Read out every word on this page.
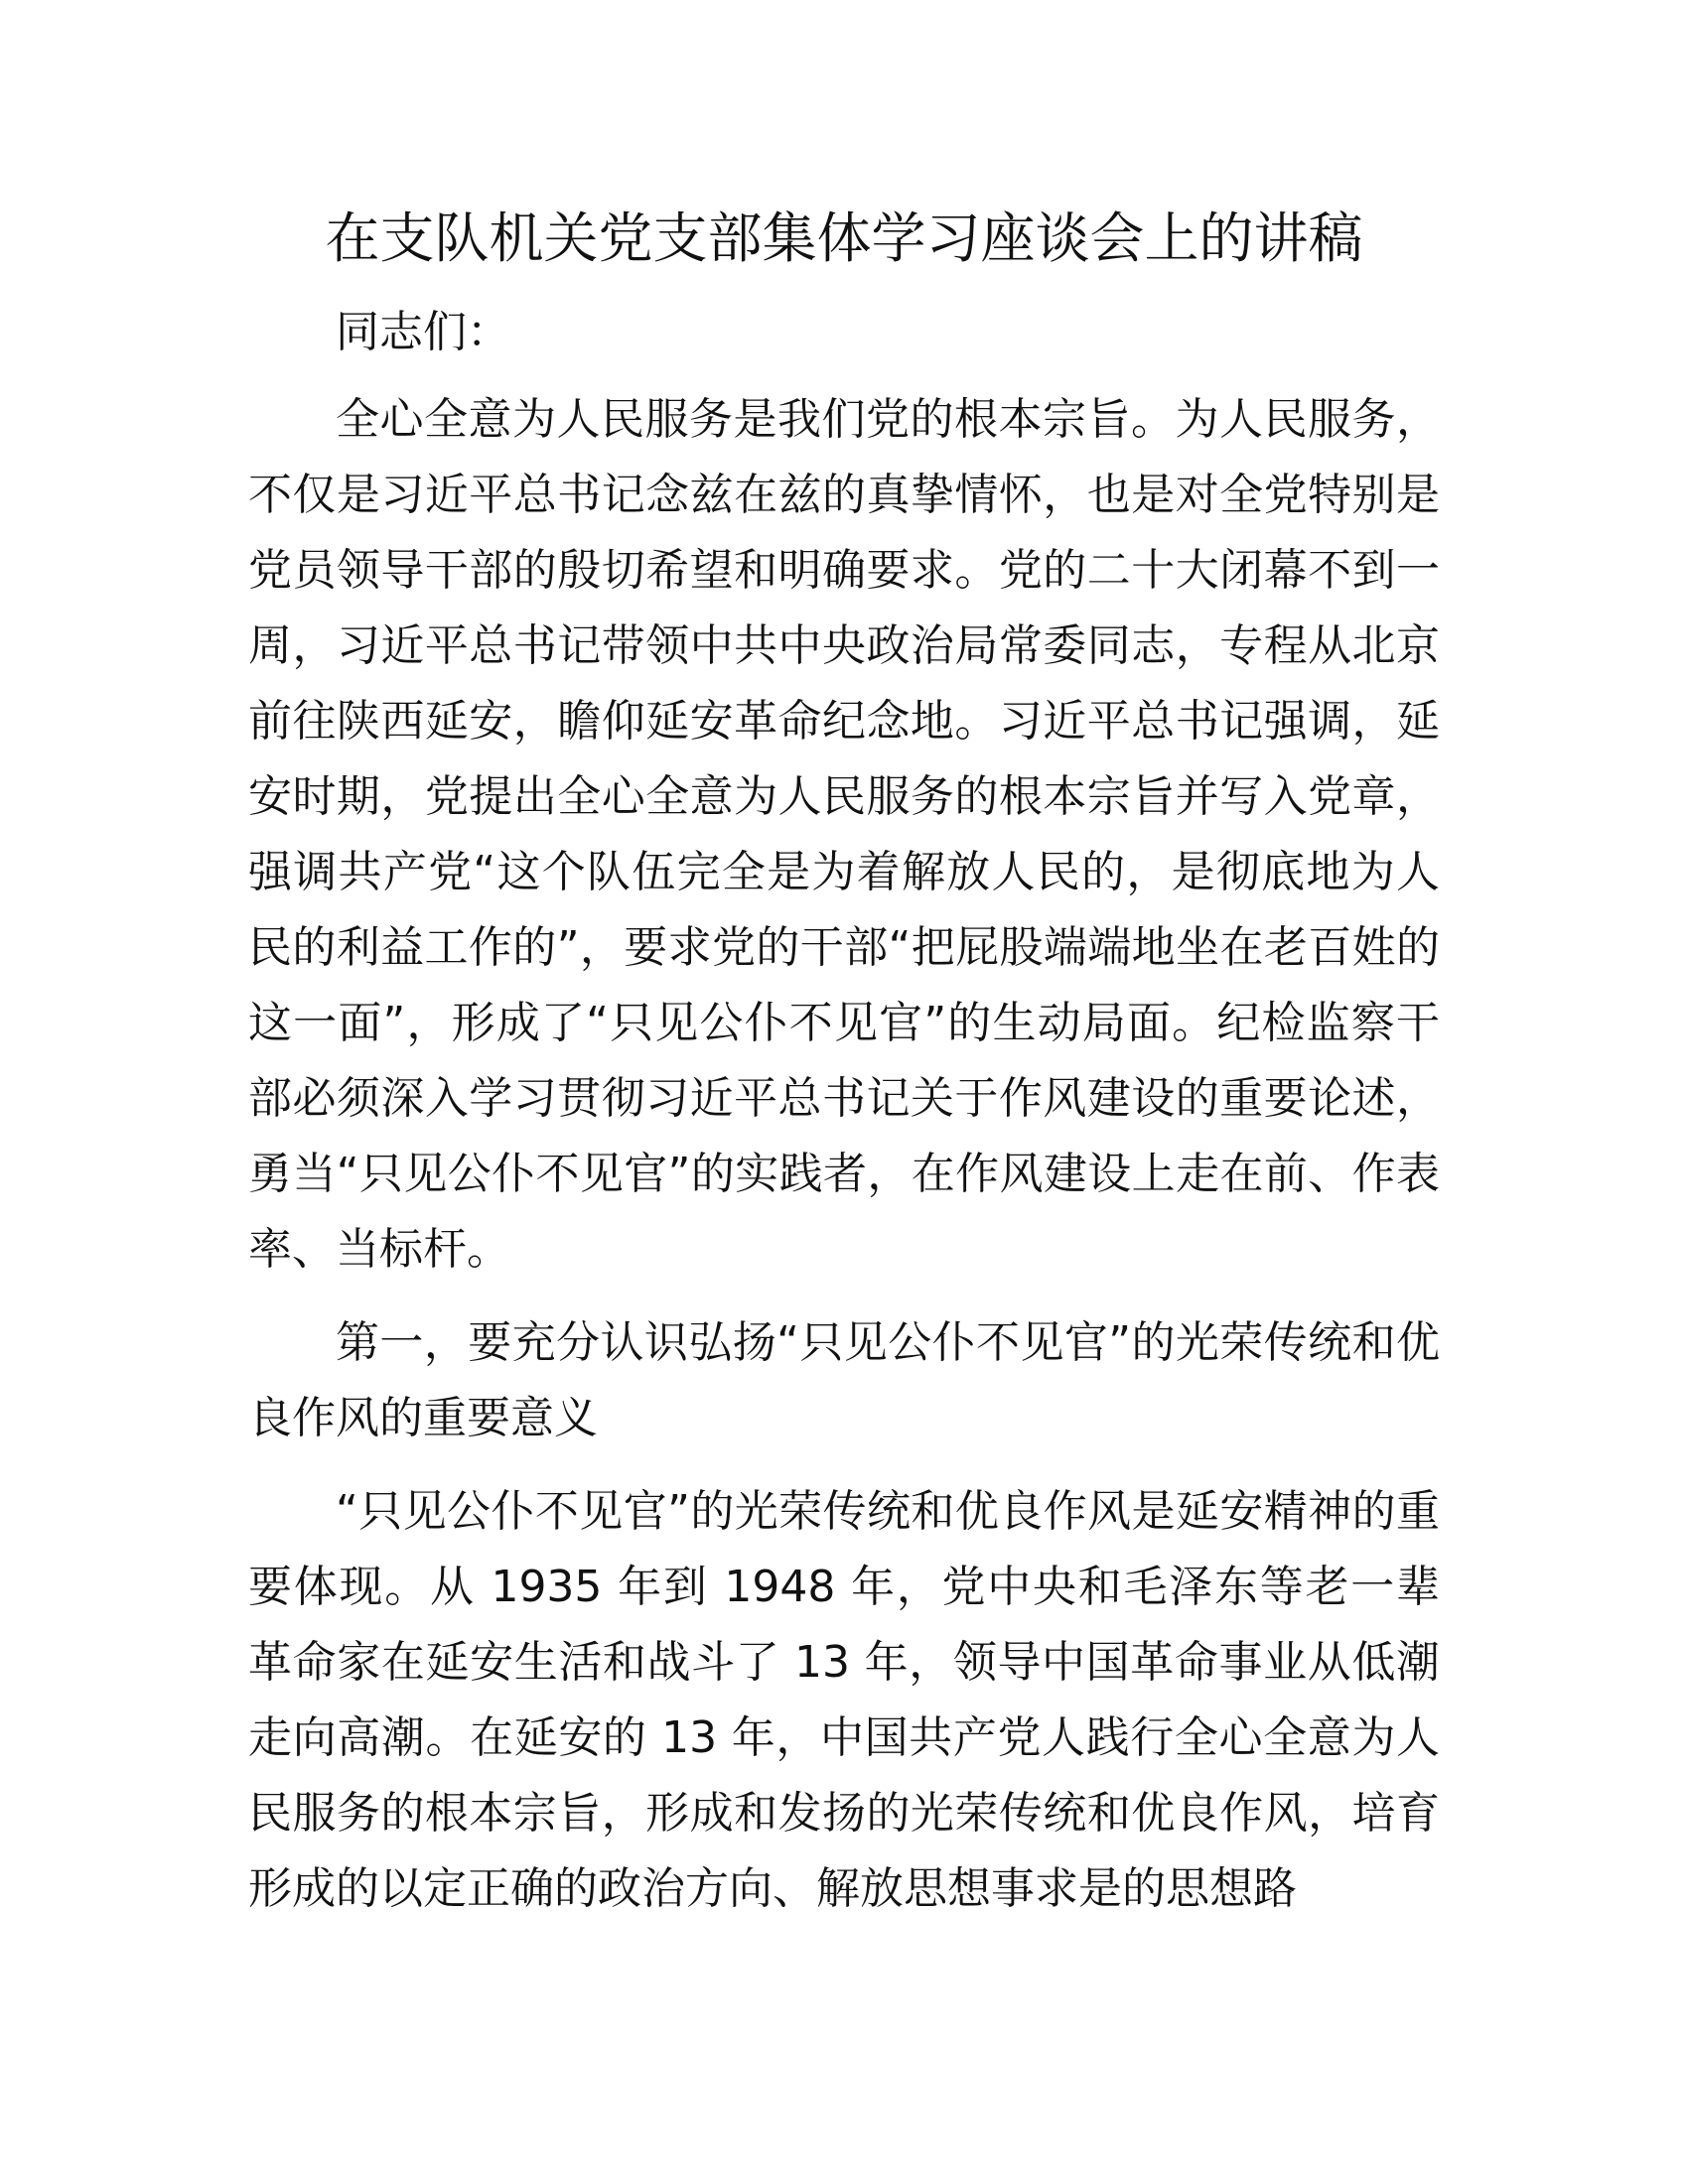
在支队机关党支部集体学习座谈会上的讲稿

同志们：

全心全意为人民服务是我们党的根本宗旨。为人民服务，不仅是习近平总书记念兹在兹的真挚情怀，也是对全党特别是党员领导干部的殷切希望和明确要求。党的二十大闭幕不到一周，习近平总书记带领中共中央政治局常委同志，专程从北京前往陕西延安，瞻仰延安革命纪念地。习近平总书记强调，延安时期，党提出全心全意为人民服务的根本宗旨并写入党章，强调共产党“这个队伍完全是为着解放人民的，是彻底地为人民的利益工作的”，要求党的干部“把屁股端端地坐在老百姓的这一面”，形成了“只见公仆不见官”的生动局面。纪检监察干部必须深入学习贯彻习近平总书记关于作风建设的重要论述，勇当“只见公仆不见官”的实践者，在作风建设上走在前、作表率、当标杆。

第一，要充分认识弘扬“只见公仆不见官”的光荣传统和优良作风的重要意义

“只见公仆不见官”的光荣传统和优良作风是延安精神的重要体现。从 1935 年到 1948 年，党中央和毛泽东等老一辈革命家在延安生活和战斗了 13 年，领导中国革命事业从低潮走向高潮。在延安的 13 年，中国共产党人践行全心全意为人民服务的根本宗旨，形成和发扬的光荣传统和优良作风，培育形成的以定正确的政治方向、解放思想事求是的思想路
